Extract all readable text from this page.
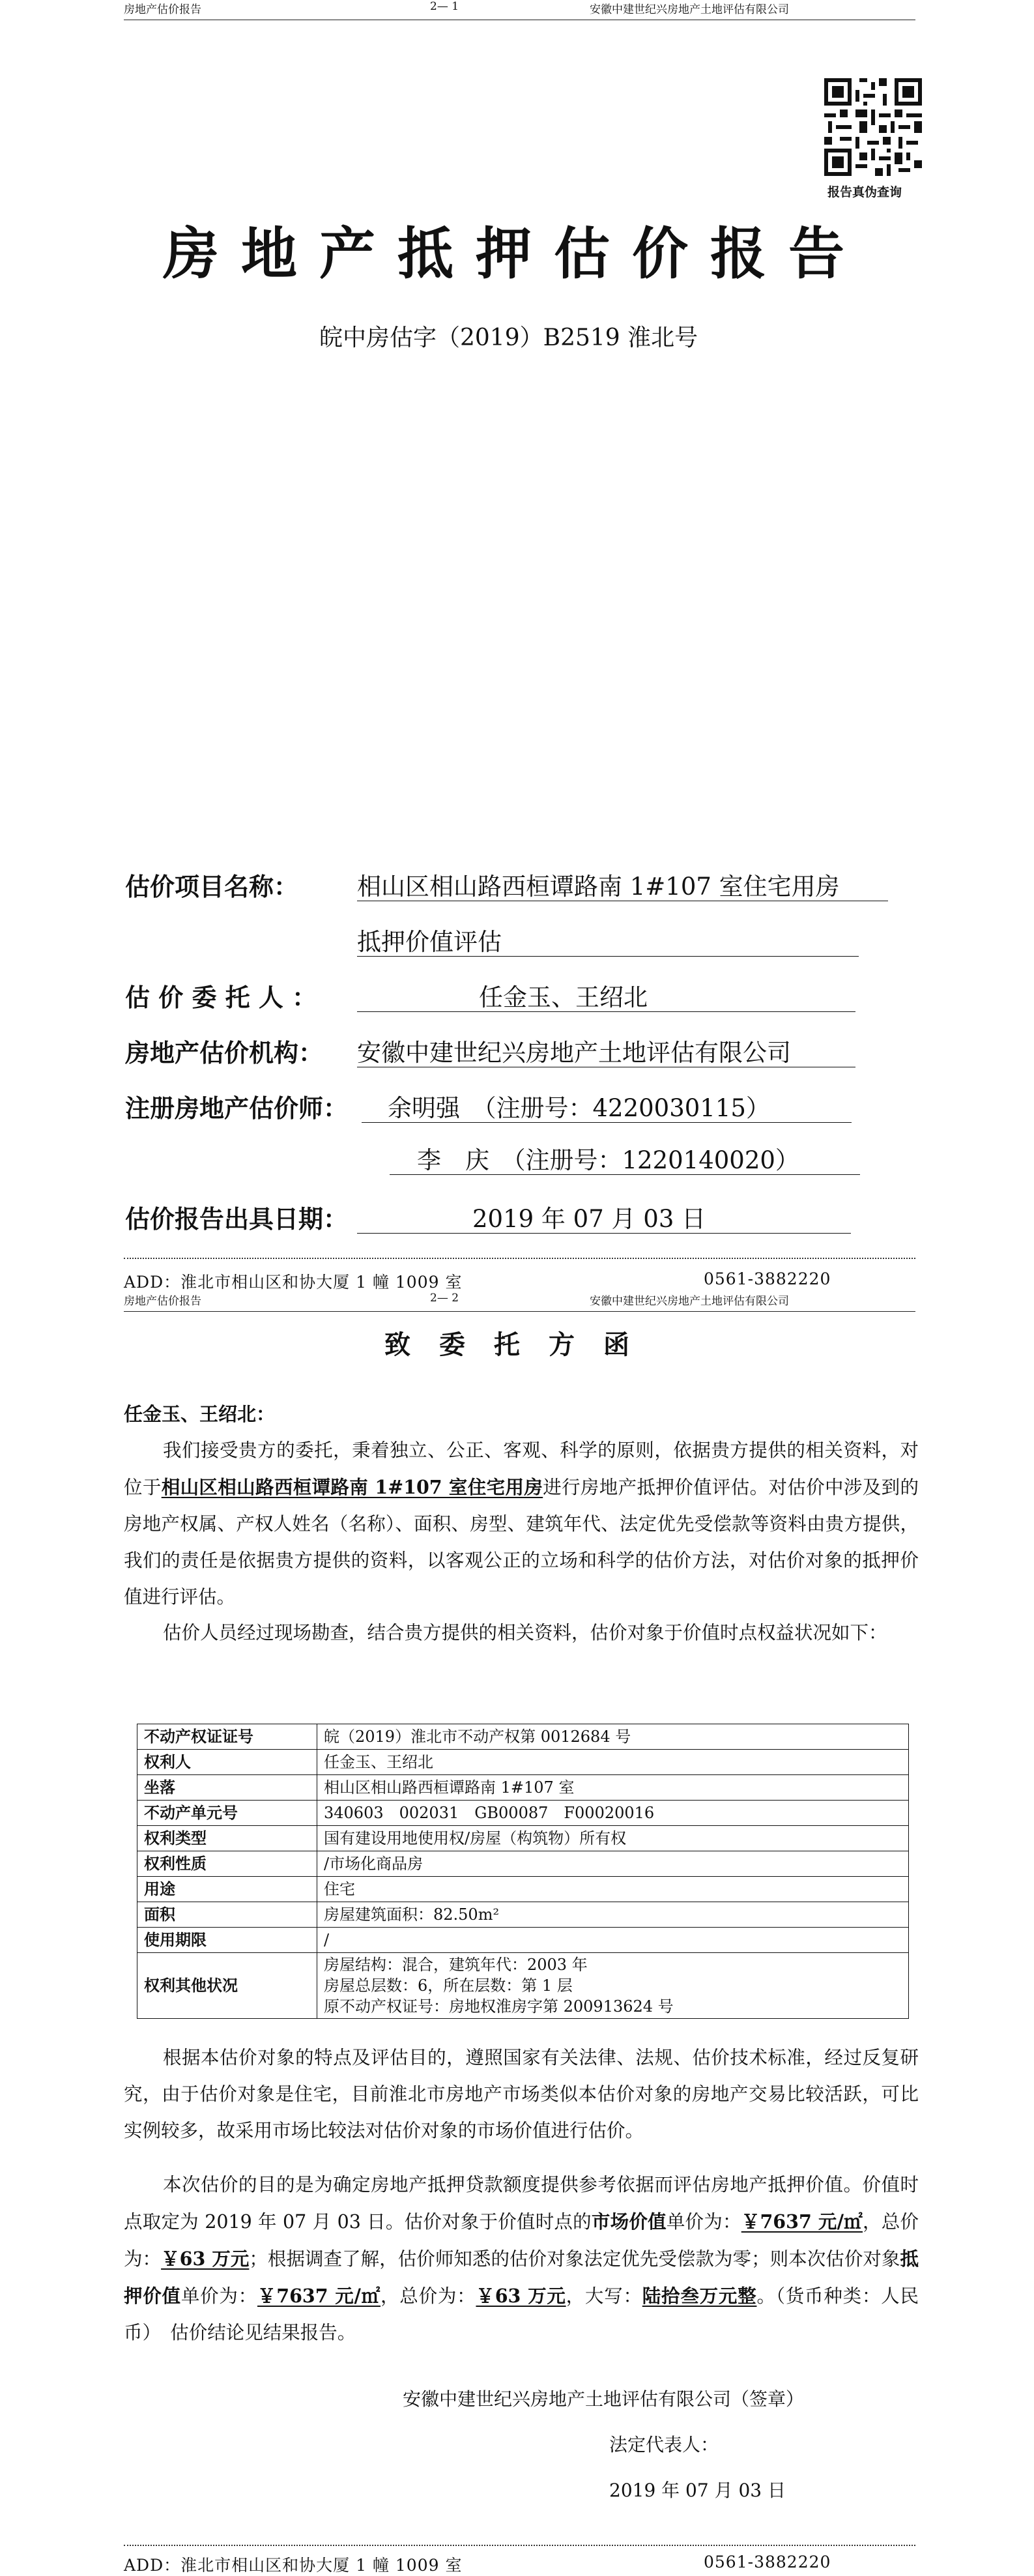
房地产估价报告	2— 1	安徽中建世纪兴房地产土地评估有限公司
报告真伪查询
房地产抵押估价报告
皖中房估字（2019）B2519 淮北号
估价项目名称： 相山区相山路西桓谭路南 1#107 室住宅用房
抵押价值评估
估 价 委 托 人 ：	任金玉、王绍北
房地产估价机构： 安徽中建世纪兴房地产土地评估有限公司
注册房地产估价师： 余明强　（注册号：4220030115）
李　庆　（注册号：1220140020）
估价报告出具日期：	2019 年 07 月 03 日
ADD：淮北市相山区和协大厦 1 幢 1009 室	0561-3882220
房地产估价报告	2— 2	安徽中建世纪兴房地产土地评估有限公司
致委托方函
任金玉、王绍北：
我们接受贵方的委托，秉着独立、公正、客观、科学的原则，依据贵方提供的相关资料，对位于相山区相山路西桓谭路南 1#107 室住宅用房进行房地产抵押价值评估。对估价中涉及到的房地产权属、产权人姓名（名称）、面积、房型、建筑年代、法定优先受偿款等资料由贵方提供，我们的责任是依据贵方提供的资料，以客观公正的立场和科学的估价方法，对估价对象的抵押价值进行评估。
估价人员经过现场勘查，结合贵方提供的相关资料，估价对象于价值时点权益状况如下：
不动产权证证号	皖（2019）淮北市不动产权第 0012684 号

权利人	任金玉、王绍北

坐落	相山区相山路西桓谭路南 1#107 室

不动产单元号	340603　002031　GB00087　F00020016

权利类型	国有建设用地使用权/房屋（构筑物）所有权

权利性质	/市场化商品房

用途	住宅

面积	房屋建筑面积：82.50m²

使用期限	/

权利其他状况	房屋结构：混合，建筑年代：2003 年
房屋总层数：6，所在层数：第 1 层
原不动产权证号：房地权淮房字第 200913624 号
根据本估价对象的特点及评估目的，遵照国家有关法律、法规、估价技术标准，经过反复研究，由于估价对象是住宅，目前淮北市房地产市场类似本估价对象的房地产交易比较活跃，可比实例较多，故采用市场比较法对估价对象的市场价值进行估价。
本次估价的目的是为确定房地产抵押贷款额度提供参考依据而评估房地产抵押价值。价值时点取定为 2019 年 07 月 03 日。估价对象于价值时点的市场价值单价为：￥7637 元/㎡，总价为：￥63 万元；根据调查了解，估价师知悉的估价对象法定优先受偿款为零；则本次估价对象抵押价值单价为：￥7637 元/㎡，总价为：￥63 万元，大写：陆拾叁万元整。（货币种类：人民币）　估价结论见结果报告。
安徽中建世纪兴房地产土地评估有限公司（签章）
法定代表人：
2019 年 07 月 03 日
ADD：淮北市相山区和协大厦 1 幢 1009 室	0561-3882220
